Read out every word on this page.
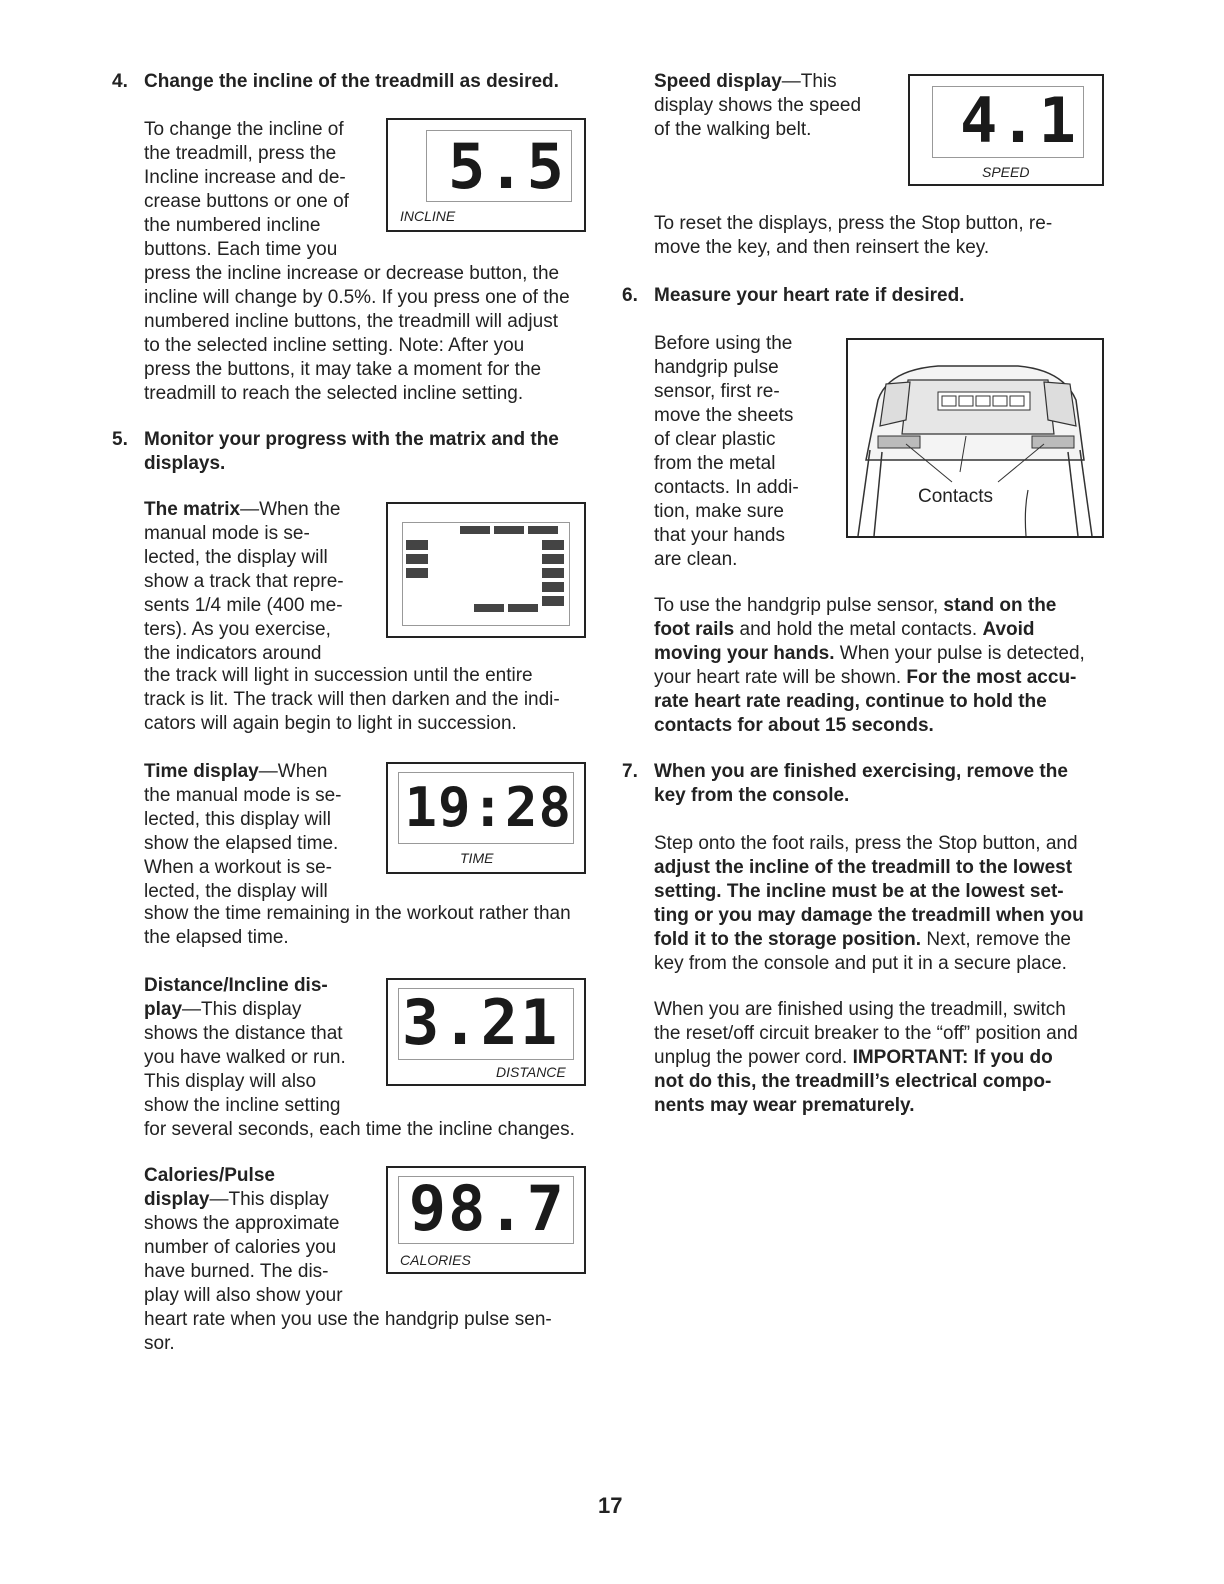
4. Change the incline of the treadmill as desired.

To change the incline of
the treadmill, press the
Incline increase and de-
crease buttons or one of
the numbered incline
buttons. Each time you

press the incline increase or decrease button, the
incline will change by 0.5%. If you press one of the
numbered incline buttons, the treadmill will adjust
to the selected incline setting. Note: After you
press the buttons, it may take a moment for the
treadmill to reach the selected incline setting.

5.5
INCLINE
5. Monitor your progress with the matrix and the
displays.

The matrix—When the
manual mode is se-
lected, the display will
show a track that repre-
sents 1/4 mile (400 me-
ters). As you exercise,
the indicators around

the track will light in succession until the entire
track is lit. The track will then darken and the indi-
cators will again begin to light in succession.

Time display—When
the manual mode is se-
lected, this display will
show the elapsed time.
When a workout is se-
lected, the display will

show the time remaining in the workout rather than
the elapsed time.

19:28
TIME

Distance/Incline dis-
play—This display
shows the distance that
you have walked or run.
This display will also
show the incline setting

for several seconds, each time the incline changes.

3.21
DISTANCE

Calories/Pulse
display—This display
shows the approximate
number of calories you
have burned. The dis-
play will also show your

heart rate when you use the handgrip pulse sen-
sor.

98.7
CALORIES

Speed display—This
display shows the speed
of the walking belt.	4.1
SPEED

To reset the displays, press the Stop button, re-
move the key, and then reinsert the key.

6. Measure your heart rate if desired.

Before using the
handgrip pulse
sensor, first re-
move the sheets
of clear plastic
from the metal
contacts. In addi-
tion, make sure
that your hands
are clean.

Contacts

To use the handgrip pulse sensor, stand on the
foot rails and hold the metal contacts. Avoid
moving your hands. When your pulse is detected,
your heart rate will be shown. For the most accu-
rate heart rate reading, continue to hold the
contacts for about 15 seconds.

7. When you are finished exercising, remove the
key from the console.

Step onto the foot rails, press the Stop button, and
adjust the incline of the treadmill to the lowest
setting. The incline must be at the lowest set-
ting or you may damage the treadmill when you
fold it to the storage position. Next, remove the
key from the console and put it in a secure place.

When you are finished using the treadmill, switch
the reset/off circuit breaker to the “off” position and
unplug the power cord. IMPORTANT: If you do
not do this, the treadmill’s electrical compo-
nents may wear prematurely.

17
